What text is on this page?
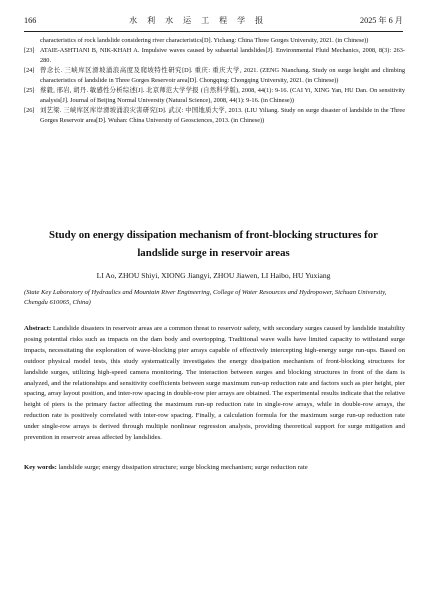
166	水 利 水 运 工 程 学 报	2025 年 6 月
characteristics of rock landslide considering river characteristics[D]. Yichang: China Three Gorges University, 2021. (in Chinese))
[23] ATAIE-ASHTIANI B, NIK-KHAH A. Impulsive waves caused by subaerial landslides[J]. Environmental Fluid Mechanics, 2008, 8(3): 263-280.
[24] 曾念长. 三峡库区滑坡涌浪高度及爬坡特性研究[D]. 重庆: 重庆大学, 2021. (ZENG Nianchang. Study on surge height and climbing characteristics of landslide in Three Gorges Reservoir area[D]. Chongqing: Chongqing University, 2021. (in Chinese))
[25] 蔡毅, 邢岩, 胡丹. 敏感性分析综述[J]. 北京师范大学学报 (自然科学版), 2008, 44(1): 9-16. (CAI Yi, XING Yan, HU Dan. On sensitivity analysis[J]. Journal of Beijing Normal University (Natural Science), 2008, 44(1): 9-16. (in Chinese))
[26] 刘艺梁. 三峡库区库岸滑坡涌浪灾害研究[D]. 武汉: 中国地质大学, 2013. (LIU Yiliang. Study on surge disaster of landslide in the Three Gorges Reservoir area[D]. Wuhan: China University of Geosciences, 2013. (in Chinese))
Study on energy dissipation mechanism of front-blocking structures for
landslide surge in reservoir areas
LI Ao, ZHOU Shiyi, XIONG Jiangyi, ZHOU Jiawen, LI Haibo, HU Yuxiang
(State Key Laboratory of Hydraulics and Mountain River Engineering, College of Water Resources and Hydropower, Sichuan University, Chengdu 610065, China)
Abstract: Landslide disasters in reservoir areas are a common threat to reservoir safety, with secondary surges caused by landslide instability posing potential risks such as impacts on the dam body and overtopping. Traditional wave walls have limited capacity to withstand surge impacts, necessitating the exploration of wave-blocking pier arrays capable of effectively intercepting high-energy surge run-ups. Based on outdoor physical model tests, this study systematically investigates the energy dissipation mechanism of front-blocking structures for landslide surges, utilizing high-speed camera monitoring. The interaction between surges and blocking structures in front of the dam is analyzed, and the relationships and sensitivity coefficients between surge maximum run-up reduction rate and factors such as pier height, pier spacing, array layout position, and inter-row spacing in double-row pier arrays are obtained. The experimental results indicate that the relative height of piers is the primary factor affecting the maximum run-up reduction rate in single-row arrays, while in double-row arrays, the reduction rate is positively correlated with inter-row spacing. Finally, a calculation formula for the maximum surge run-up reduction rate under single-row arrays is derived through multiple nonlinear regression analysis, providing theoretical support for surge mitigation and prevention in reservoir areas affected by landslides.
Key words: landslide surge; energy dissipation structure; surge blocking mechanism; surge reduction rate
